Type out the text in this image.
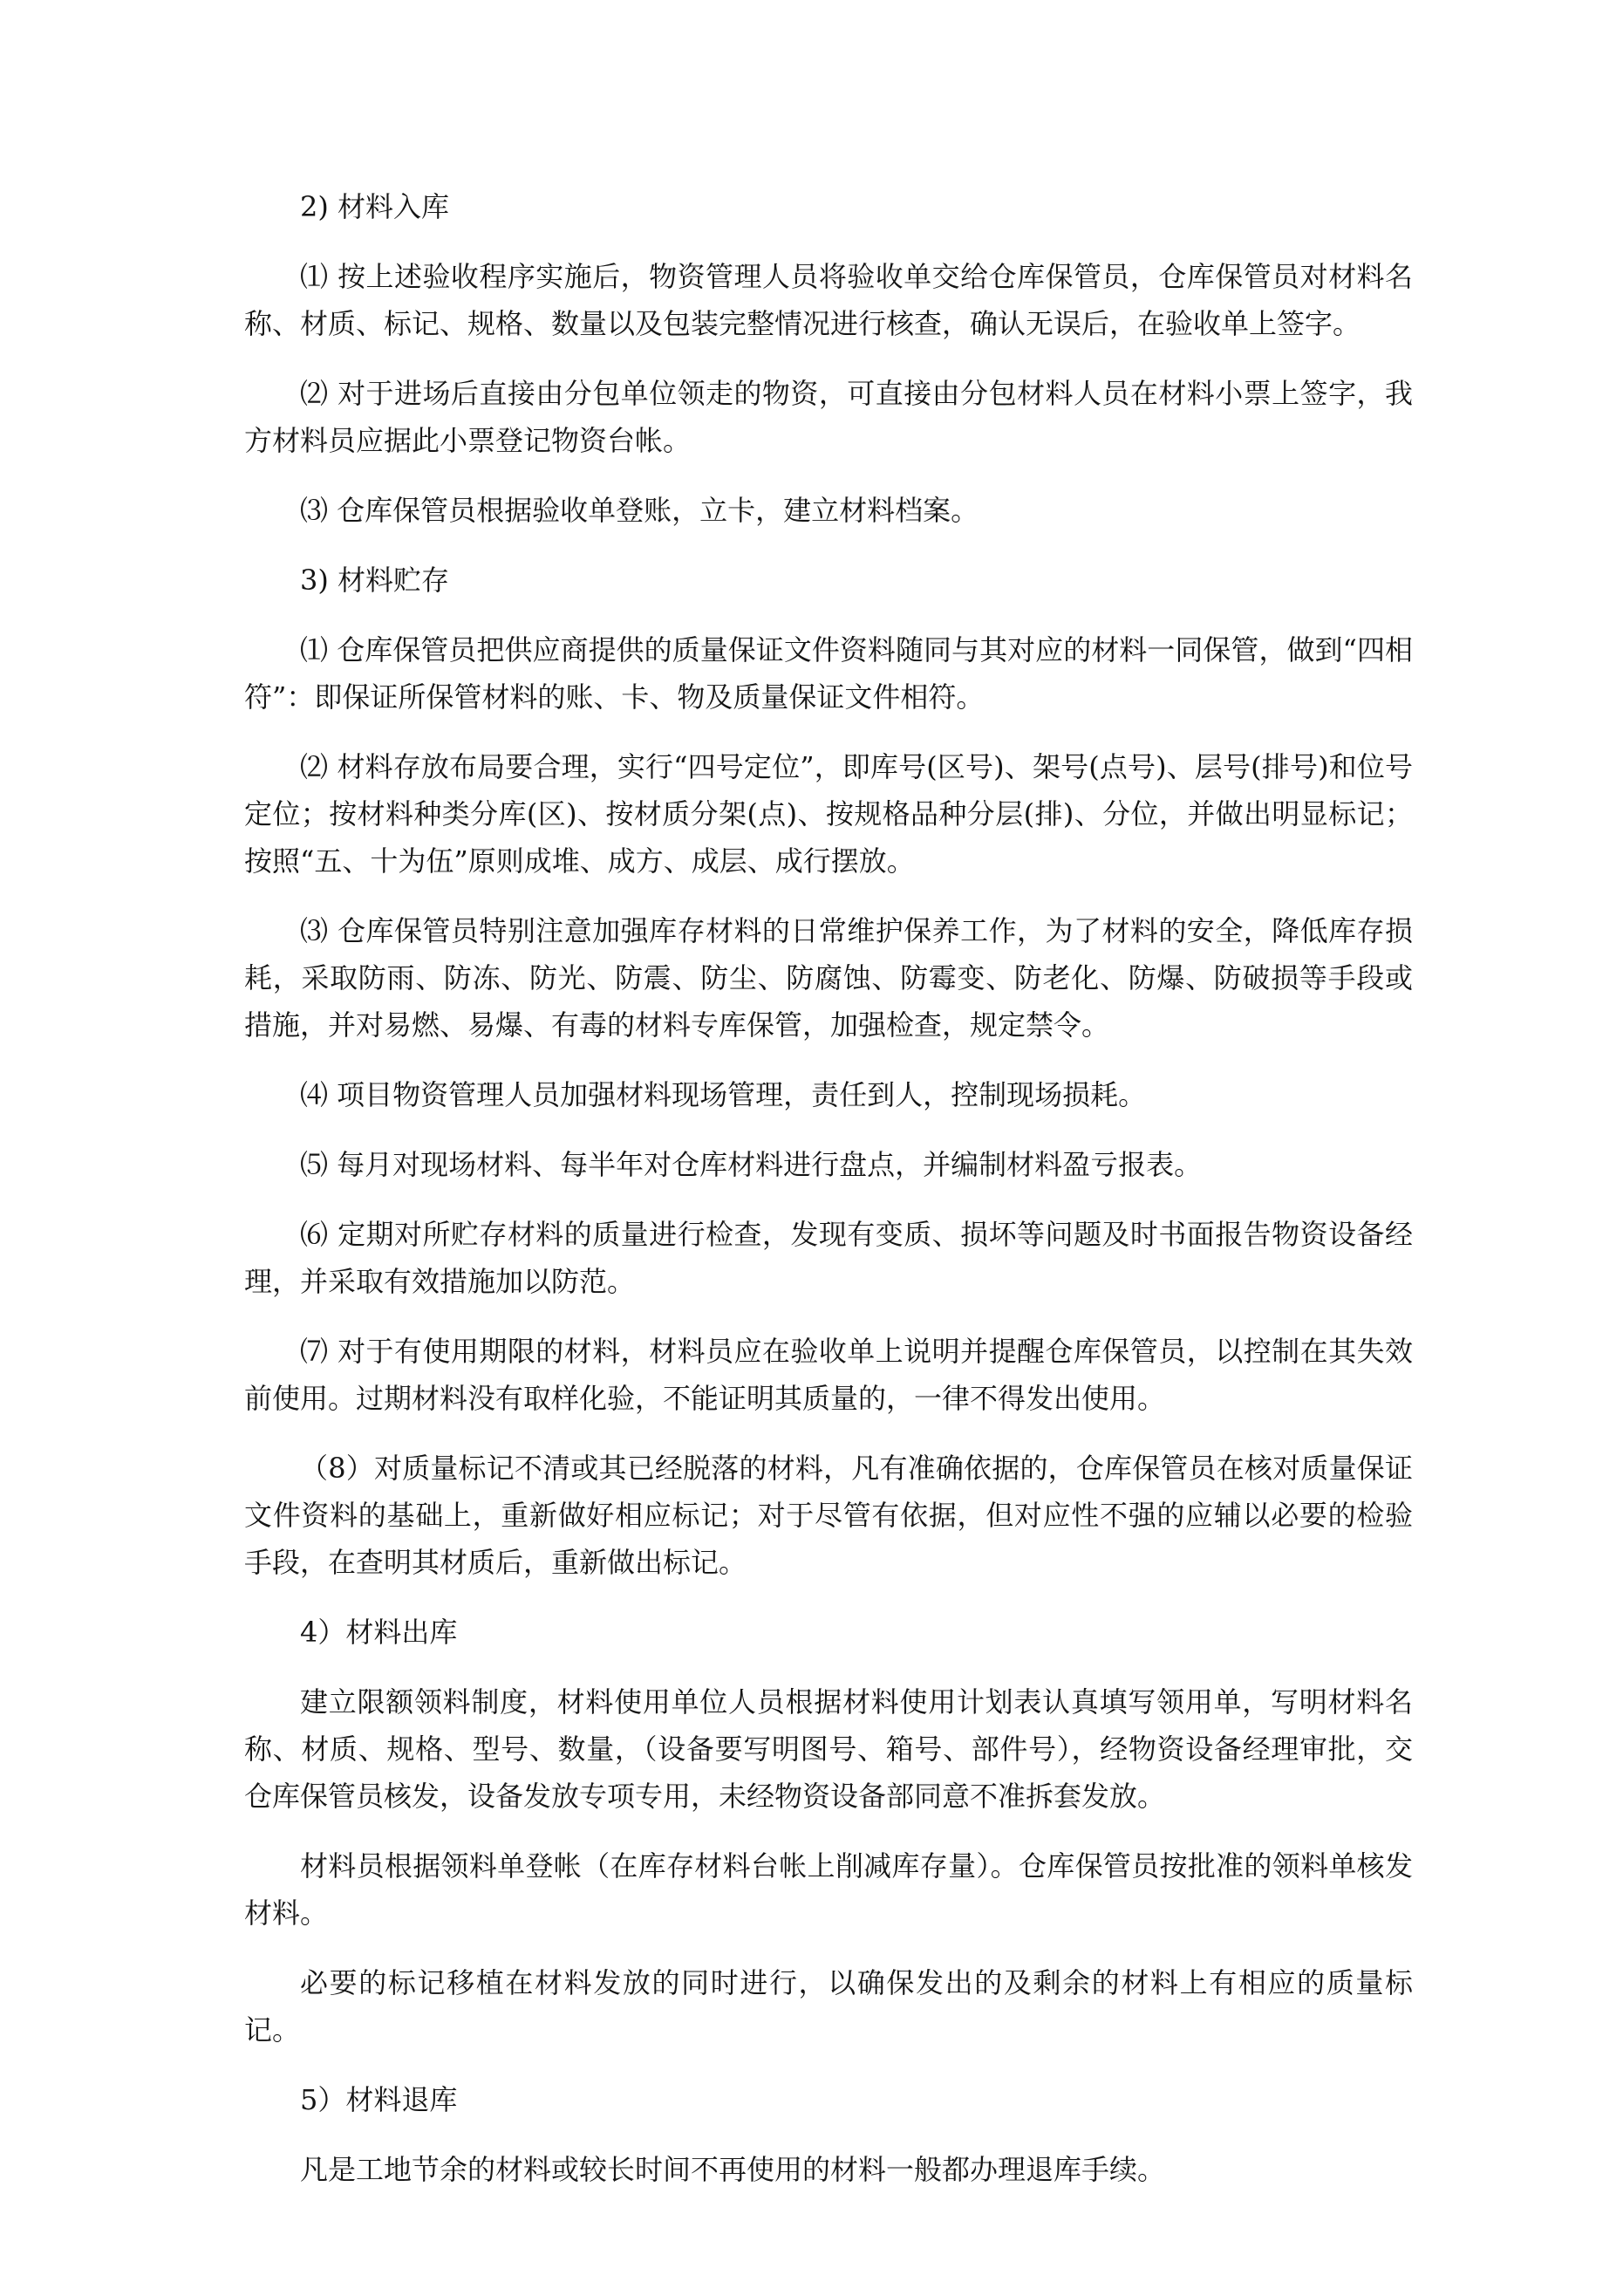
2) 材料入库

⑴ 按上述验收程序实施后，物资管理人员将验收单交给仓库保管员，仓库保管员对材料名称、材质、标记、规格、数量以及包装完整情况进行核查，确认无误后，在验收单上签字。

⑵ 对于进场后直接由分包单位领走的物资，可直接由分包材料人员在材料小票上签字，我方材料员应据此小票登记物资台帐。

⑶ 仓库保管员根据验收单登账，立卡，建立材料档案。

3) 材料贮存

⑴ 仓库保管员把供应商提供的质量保证文件资料随同与其对应的材料一同保管，做到“四相符”：即保证所保管材料的账、卡、物及质量保证文件相符。

⑵ 材料存放布局要合理，实行“四号定位”，即库号(区号)、架号(点号)、层号(排号)和位号定位；按材料种类分库(区)、按材质分架(点)、按规格品种分层(排)、分位，并做出明显标记；按照“五、十为伍”原则成堆、成方、成层、成行摆放。

⑶ 仓库保管员特别注意加强库存材料的日常维护保养工作，为了材料的安全，降低库存损耗，采取防雨、防冻、防光、防震、防尘、防腐蚀、防霉变、防老化、防爆、防破损等手段或措施，并对易燃、易爆、有毒的材料专库保管，加强检查，规定禁令。

⑷ 项目物资管理人员加强材料现场管理，责任到人，控制现场损耗。

⑸ 每月对现场材料、每半年对仓库材料进行盘点，并编制材料盈亏报表。

⑹ 定期对所贮存材料的质量进行检查，发现有变质、损坏等问题及时书面报告物资设备经理，并采取有效措施加以防范。

⑺ 对于有使用期限的材料，材料员应在验收单上说明并提醒仓库保管员，以控制在其失效前使用。过期材料没有取样化验，不能证明其质量的，一律不得发出使用。

（8）对质量标记不清或其已经脱落的材料，凡有准确依据的，仓库保管员在核对质量保证文件资料的基础上，重新做好相应标记；对于尽管有依据，但对应性不强的应辅以必要的检验手段，在查明其材质后，重新做出标记。

4）材料出库

建立限额领料制度，材料使用单位人员根据材料使用计划表认真填写领用单，写明材料名称、材质、规格、型号、数量，（设备要写明图号、箱号、部件号），经物资设备经理审批，交仓库保管员核发，设备发放专项专用，未经物资设备部同意不准拆套发放。

材料员根据领料单登帐（在库存材料台帐上削减库存量）。仓库保管员按批准的领料单核发材料。

必要的标记移植在材料发放的同时进行，以确保发出的及剩余的材料上有相应的质量标记。

5）材料退库

凡是工地节余的材料或较长时间不再使用的材料一般都办理退库手续。
